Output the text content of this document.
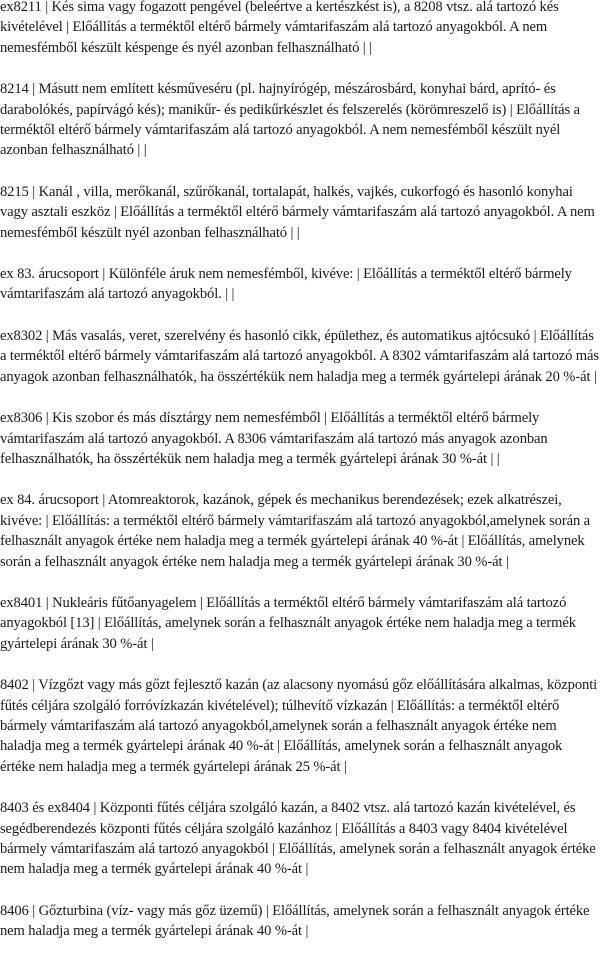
ex8211 | Kés sima vagy fogazott pengével (beleértve a kertészkést is), a 8208 vtsz. alá tartozó kés kivételével | Előállítás a terméktől eltérő bármely vámtarifaszám alá tartozó anyagokból. A nem nemesfémből készült késpenge és nyél azonban felhasználható | |

8214 | Másutt nem említett késműveséru (pl. hajnyírógép, mészárosbárd, konyhai bárd, aprító- és darabolókés, papírvágó kés); manikűr- és pedikűrkészlet és felszerelés (körömreszelő is) | Előállítás a terméktől eltérő bármely vámtarifaszám alá tartozó anyagokból. A nem nemesfémből készült nyél azonban felhasználható | |

8215 | Kanál , villa, merőkanál, szűrőkanál, tortalapát, halkés, vajkés, cukorfogó és hasonló konyhai vagy asztali eszköz | Előállítás a terméktől eltérő bármely vámtarifaszám alá tartozó anyagokból. A nem nemesfémből készült nyél azonban felhasználható | |

ex 83. árucsoport | Különféle áruk nem nemesfémből, kivéve: | Előállítás a terméktől eltérő bármely vámtarifaszám alá tartozó anyagokból. | |

ex8302 | Más vasalás, veret, szerelvény és hasonló cikk, épülethez, és automatikus ajtócsukó | Előállítás a terméktől eltérő bármely vámtarifaszám alá tartozó anyagokból. A 8302 vámtarifaszám alá tartozó más anyagok azonban felhasználhatók, ha összértékük nem haladja meg a termék gyártelepi árának 20 %-át |

ex8306 | Kis szobor és más dísztárgy nem nemesfémből | Előállítás a terméktől eltérő bármely vámtarifaszám alá tartozó anyagokból. A 8306 vámtarifaszám alá tartozó más anyagok azonban felhasználhatók, ha összértékük nem haladja meg a termék gyártelepi árának 30 %-át | |

ex 84. árucsoport | Atomreaktorok, kazánok, gépek és mechanikus berendezések; ezek alkatrészei, kivéve: | Előállítás: a terméktől eltérő bármely vámtarifaszám alá tartozó anyagokból,amelynek során a felhasznált anyagok értéke nem haladja meg a termék gyártelepi árának 40 %-át | Előállítás, amelynek során a felhasznált anyagok értéke nem haladja meg a termék gyártelepi árának 30 %-át |

ex8401 | Nukleáris fűtőanyagelem | Előállítás a terméktől eltérő bármely vámtarifaszám alá tartozó anyagokból [13] | Előállítás, amelynek során a felhasznált anyagok értéke nem haladja meg a termék gyártelepi árának 30 %-át |

8402 | Vízgőzt vagy más gőzt fejlesztő kazán (az alacsony nyomású gőz előállítására alkalmas, központi fűtés céljára szolgáló forróvízkazán kivételével); túlhevítő vízkazán | Előállítás: a terméktől eltérő bármely vámtarifaszám alá tartozó anyagokból,amelynek során a felhasznált anyagok értéke nem haladja meg a termék gyártelepi árának 40 %-át | Előállítás, amelynek során a felhasznált anyagok értéke nem haladja meg a termék gyártelepi árának 25 %-át |

8403 és ex8404 | Központi fűtés céljára szolgáló kazán, a 8402 vtsz. alá tartozó kazán kivételével, és segédberendezés központi fűtés céljára szolgáló kazánhoz | Előállítás a 8403 vagy 8404 kivételével bármely vámtarifaszám alá tartozó anyagokból | Előállítás, amelynek során a felhasznált anyagok értéke nem haladja meg a termék gyártelepi árának 40 %-át |

8406 | Gőzturbina (víz- vagy más gőz üzemű) | Előállítás, amelynek során a felhasznált anyagok értéke nem haladja meg a termék gyártelepi árának 40 %-át |
